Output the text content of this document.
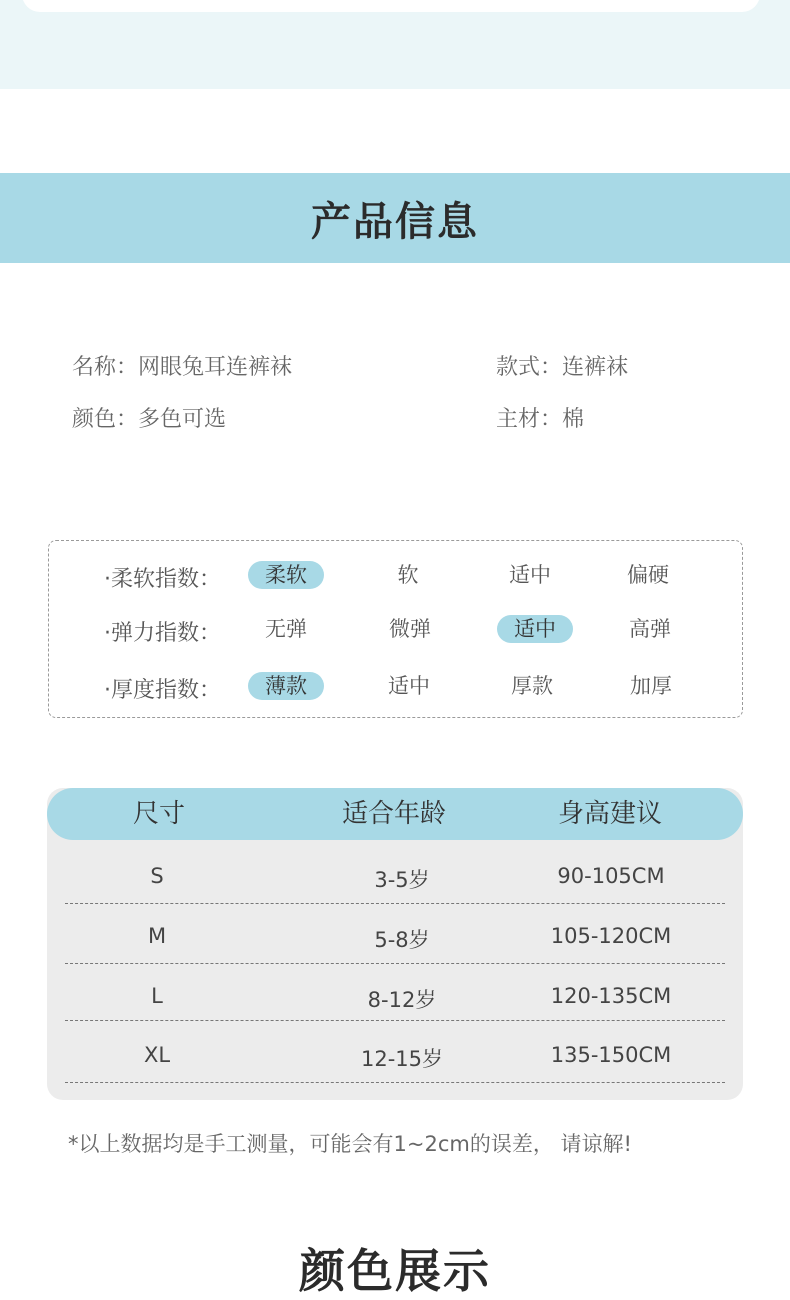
产品信息
名称：网眼兔耳连裤袜	款式：连裤袜
颜色：多色可选	主材：棉
·柔软指数：	柔软	软	适中	偏硬
·弹力指数：	无弹	微弹	适中	高弹
·厚度指数：	薄款	适中	厚款	加厚
尺寸	适合年龄	身高建议
S	3-5岁	90-105CM
M	5-8岁	105-120CM
L	8-12岁	120-135CM
XL	12-15岁	135-150CM
*以上数据均是手工测量，可能会有1~2cm的误差， 请谅解!
颜色展示
